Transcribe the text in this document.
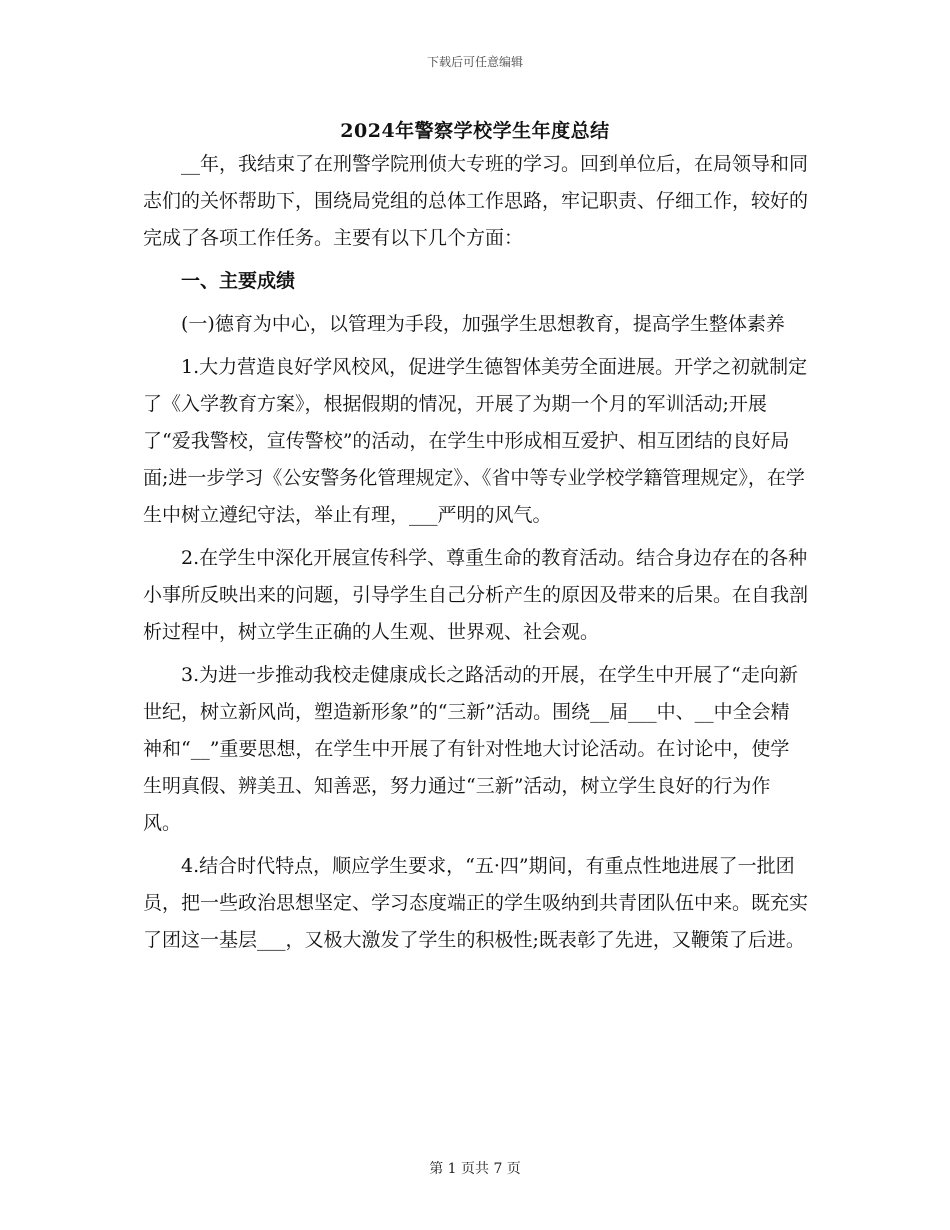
下载后可任意编辑
2024年警察学校学生年度总结

__年，我结束了在刑警学院刑侦大专班的学习。回到单位后，在局领导和同志们的关怀帮助下，围绕局党组的总体工作思路，牢记职责、仔细工作，较好的完成了各项工作任务。主要有以下几个方面：

一、主要成绩

(一)德育为中心，以管理为手段，加强学生思想教育，提高学生整体素养

1.大力营造良好学风校风，促进学生德智体美劳全面进展。开学之初就制定了《入学教育方案》，根据假期的情况，开展了为期一个月的军训活动;开展了“爱我警校，宣传警校”的活动，在学生中形成相互爱护、相互团结的良好局面;进一步学习《公安警务化管理规定》、《省中等专业学校学籍管理规定》，在学生中树立遵纪守法，举止有理，___严明的风气。

2.在学生中深化开展宣传科学、尊重生命的教育活动。结合身边存在的各种小事所反映出来的问题，引导学生自己分析产生的原因及带来的后果。在自我剖析过程中，树立学生正确的人生观、世界观、社会观。

3.为进一步推动我校走健康成长之路活动的开展，在学生中开展了“走向新世纪，树立新风尚，塑造新形象”的“三新”活动。围绕__届___中、__中全会精神和“__”重要思想，在学生中开展了有针对性地大讨论活动。在讨论中，使学生明真假、辨美丑、知善恶，努力通过“三新”活动，树立学生良好的行为作风。

4.结合时代特点，顺应学生要求，“五·四”期间，有重点性地进展了一批团员，把一些政治思想坚定、学习态度端正的学生吸纳到共青团队伍中来。既充实了团这一基层___，又极大激发了学生的积极性;既表彰了先进，又鞭策了后进。

第 1 页共 7 页
